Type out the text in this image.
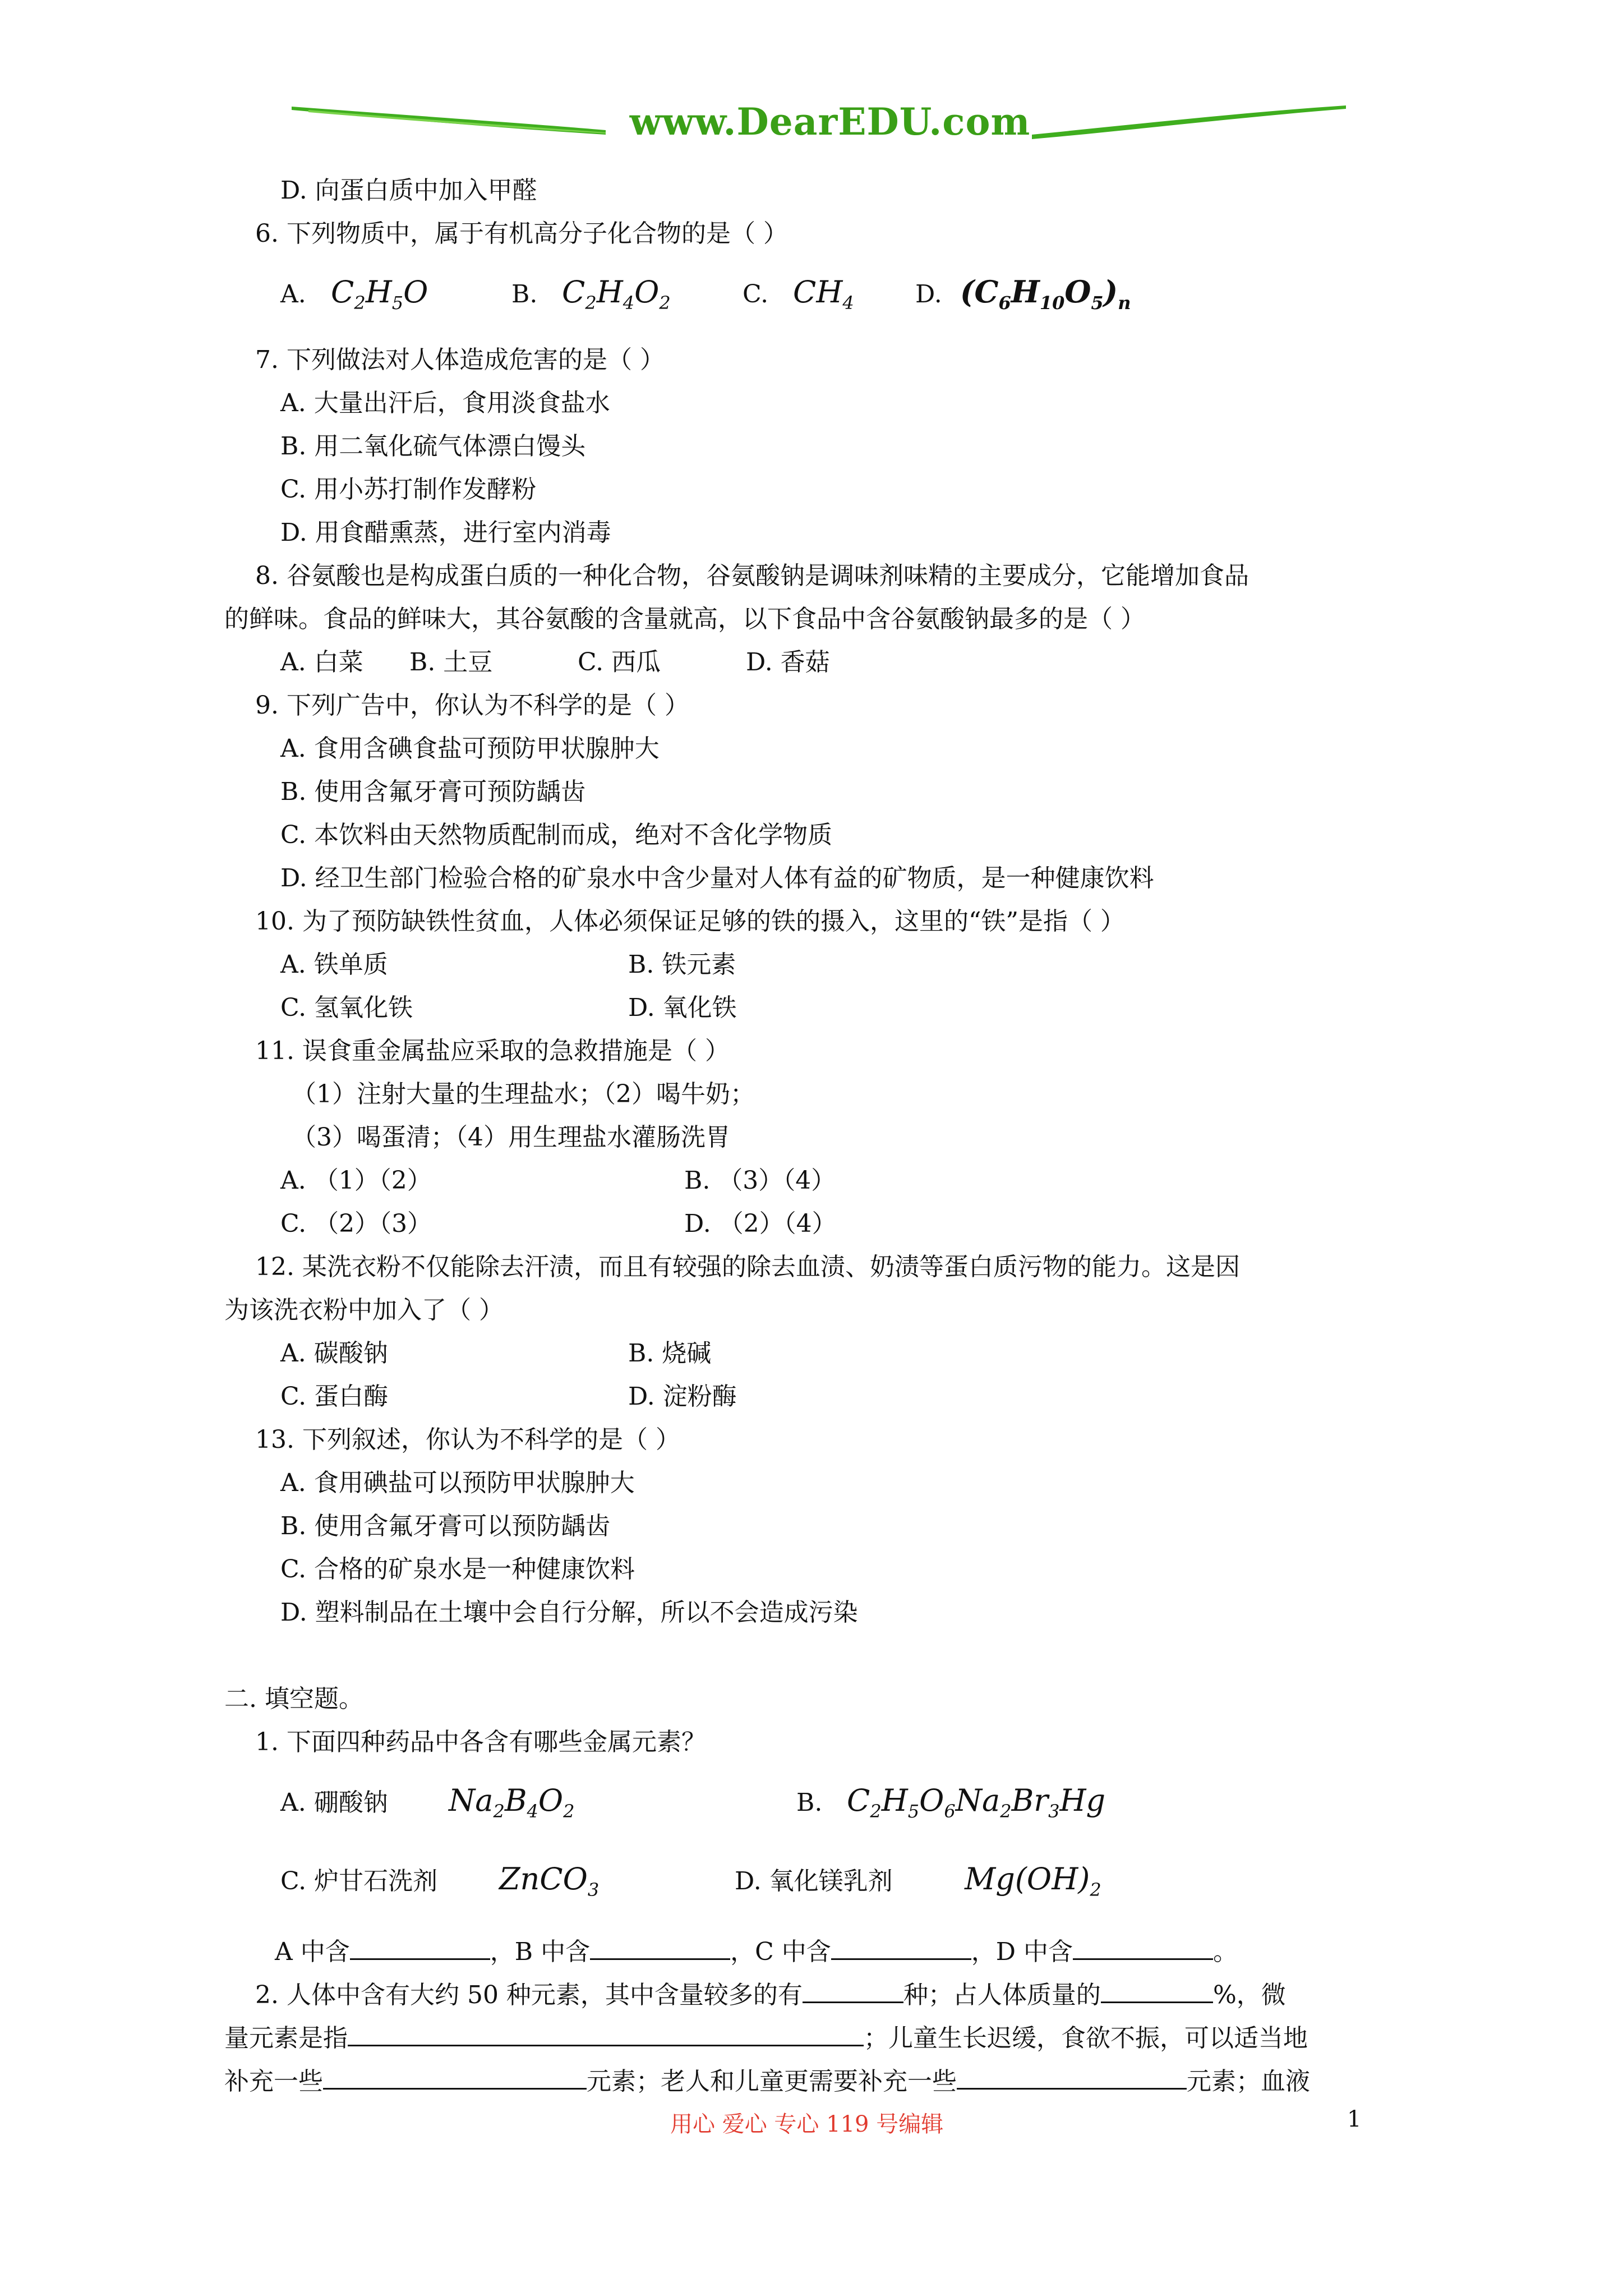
www.DearEDU.com
D. 向蛋白质中加入甲醛
6. 下列物质中，属于有机高分子化合物的是（ ）
A. $C_2H_5O$	B. $C_2H_4O_2$	C. $CH_4$ D. $(C_6H_{10}O_5)_n$
7. 下列做法对人体造成危害的是（ ）
A. 大量出汗后，食用淡食盐水
B. 用二氧化硫气体漂白馒头
C. 用小苏打制作发酵粉
D. 用食醋熏蒸，进行室内消毒
8. 谷氨酸也是构成蛋白质的一种化合物，谷氨酸钠是调味剂味精的主要成分，它能增加食品
的鲜味。食品的鲜味大，其谷氨酸的含量就高，以下食品中含谷氨酸钠最多的是（ ）
A. 白菜 B. 土豆	C. 西瓜	D. 香菇
9. 下列广告中，你认为不科学的是（ ）
A. 食用含碘食盐可预防甲状腺肿大
B. 使用含氟牙膏可预防龋齿
C. 本饮料由天然物质配制而成，绝对不含化学物质
D. 经卫生部门检验合格的矿泉水中含少量对人体有益的矿物质，是一种健康饮料
10. 为了预防缺铁性贫血，人体必须保证足够的铁的摄入，这里的“铁”是指（ ）
A. 铁单质	B. 铁元素
C. 氢氧化铁	D. 氧化铁
11. 误食重金属盐应采取的急救措施是（ ）
（1）注射大量的生理盐水；（2）喝牛奶；
（3）喝蛋清；（4）用生理盐水灌肠洗胃
A. （1）（2）	B. （3）（4）
C. （2）（3）	D. （2）（4）
12. 某洗衣粉不仅能除去汗渍，而且有较强的除去血渍、奶渍等蛋白质污物的能力。这是因
为该洗衣粉中加入了（ ）
A. 碳酸钠	B. 烧碱
C. 蛋白酶	D. 淀粉酶
13. 下列叙述，你认为不科学的是（ ）
A. 食用碘盐可以预防甲状腺肿大
B. 使用含氟牙膏可以预防龋齿
C. 合格的矿泉水是一种健康饮料
D. 塑料制品在土壤中会自行分解，所以不会造成污染
二. 填空题。
1. 下面四种药品中各含有哪些金属元素？
A. 硼酸钠 $Na_2B_4O_2$	B. $C_2H_5O_6Na_2Br_3Hg$
C. 炉甘石洗剂 ZnCO$_3$	D. 氧化镁乳剂 $Mg(OH)_2$
A 中含	，B 中含	，C 中含	，D 中含	。
2. 人体中含有大约 50 种元素，其中含量较多的有	种；占人体质量的	%，微
量元素是指	；儿童生长迟缓，食欲不振，可以适当地
补充一些	元素；老人和儿童更需要补充一些	元素；血液
用心 爱心 专心 119 号编辑	1
